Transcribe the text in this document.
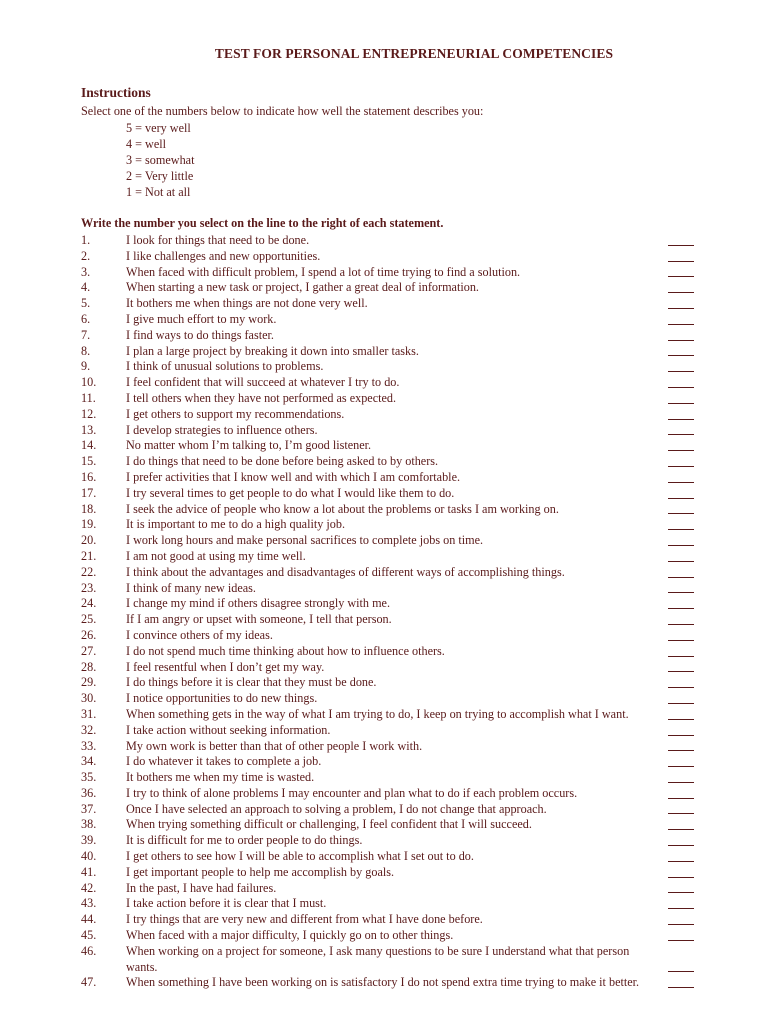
TEST FOR PERSONAL ENTREPRENEURIAL COMPETENCIES
Instructions
Select one of the numbers below to indicate how well the statement describes you:
5 = very well
4 = well
3 = somewhat
2 = Very little
1 = Not at all
Write the number you select on the line to the right of each statement.
1.	I look for things that need to be done.
2.	I like challenges and new opportunities.
3.	When faced with difficult problem, I spend a lot of time trying to find a solution.
4.	When starting a new task or project, I gather a great deal of information.
5.	It bothers me when things are not done very well.
6.	I give much effort to my work.
7.	I find ways to do things faster.
8.	I plan a large project by breaking it down into smaller tasks.
9.	I think of unusual solutions to problems.
10. I feel confident that will succeed at whatever I try to do.
11. I tell others when they have not performed as expected.
12. I get others to support my recommendations.
13. I develop strategies to influence others.
14. No matter whom I’m talking to, I’m good listener.
15. I do things that need to be done before being asked to by others.
16. I prefer activities that I know well and with which I am comfortable.
17. I try several times to get people to do what I would like them to do.
18. I seek the advice of people who know a lot about the problems or tasks I am working on.
19. It is important to me to do a high quality job.
20. I work long hours and make personal sacrifices to complete jobs on time.
21. I am not good at using my time well.
22. I think about the advantages and disadvantages of different ways of accomplishing things.
23. I think of many new ideas.
24. I change my mind if others disagree strongly with me.
25. If I am angry or upset with someone, I tell that person.
26. I convince others of my ideas.
27. I do not spend much time thinking about how to influence others.
28. I feel resentful when I don’t get my way.
29. I do things before it is clear that they must be done.
30. I notice opportunities to do new things.
31. When something gets in the way of what I am trying to do, I keep on trying to accomplish what I want.
32. I take action without seeking information.
33. My own work is better than that of other people I work with.
34. I do whatever it takes to complete a job.
35. It bothers me when my time is wasted.
36. I try to think of alone problems I may encounter and plan what to do if each problem occurs.
37. Once I have selected an approach to solving a problem, I do not change that approach.
38. When trying something difficult or challenging, I feel confident that I will succeed.
39. It is difficult for me to order people to do things.
40. I get others to see how I will be able to accomplish what I set out to do.
41. I get important people to help me accomplish by goals.
42. In the past, I have had failures.
43. I take action before it is clear that I must.
44. I try things that are very new and different from what I have done before.
45. When faced with a major difficulty, I quickly go on to other things.
46. When working on a project for someone, I ask many questions to be sure I understand what that person wants.
47. When something I have been working on is satisfactory I do not spend extra time trying to make it better.
